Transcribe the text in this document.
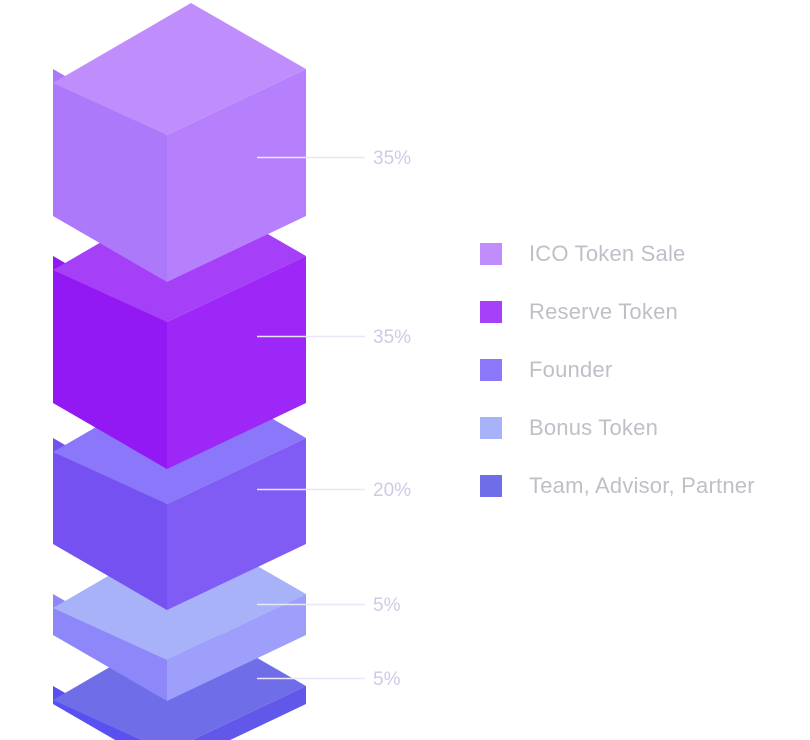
35%
35%
20%
5%
5%
ICO Token Sale
Reserve Token
Founder
Bonus Token
Team, Advisor, Partner
